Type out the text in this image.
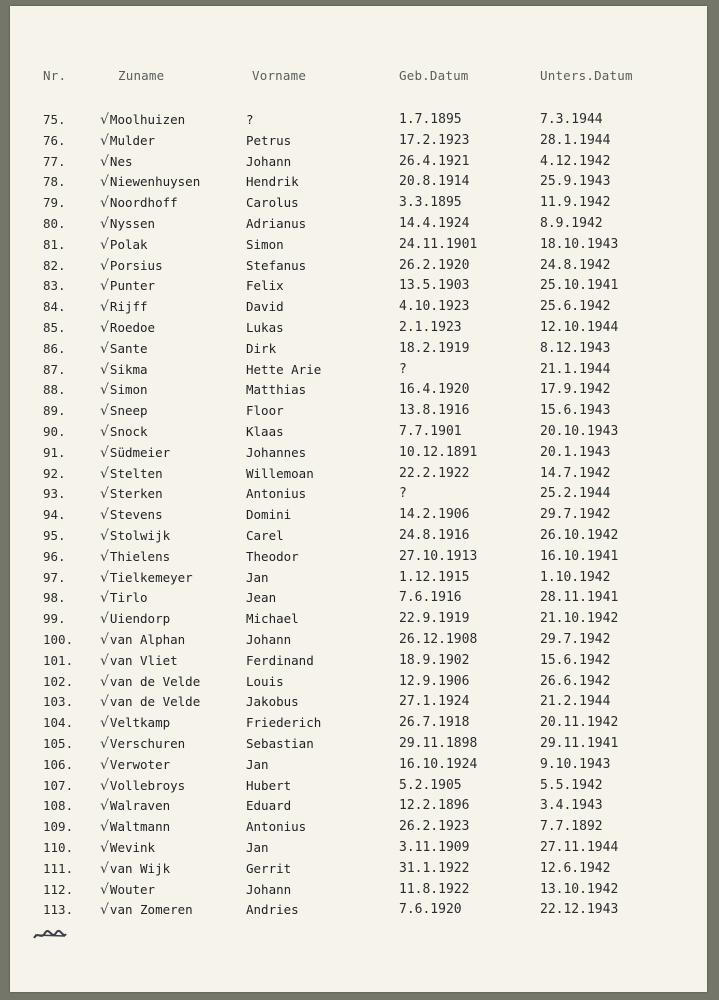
Nr.	Zuname	Vorname	Geb.Datum	Unters.Datum
75.	√Moolhuizen	?	1.7.1895	7.3.1944
76.	√Mulder	Petrus	17.2.1923	28.1.1944
77.	√Nes	Johann	26.4.1921	4.12.1942
78.	√Niewenhuysen	Hendrik	20.8.1914	25.9.1943
79.	√Noordhoff	Carolus	3.3.1895	11.9.1942
80.	√Nyssen	Adrianus	14.4.1924	8.9.1942
81.	√Polak	Simon	24.11.1901	18.10.1943
82.	√Porsius	Stefanus	26.2.1920	24.8.1942
83.	√Punter	Felix	13.5.1903	25.10.1941
84.	√Rijff	David	4.10.1923	25.6.1942
85.	√Roedoe	Lukas	2.1.1923	12.10.1944
86.	√Sante	Dirk	18.2.1919	8.12.1943
87.	√Sikma	Hette Arie	?	21.1.1944
88.	√Simon	Matthias	16.4.1920	17.9.1942
89.	√Sneep	Floor	13.8.1916	15.6.1943
90.	√Snock	Klaas	7.7.1901	20.10.1943
91.	√Südmeier	Johannes	10.12.1891	20.1.1943
92.	√Stelten	Willemoan	22.2.1922	14.7.1942
93.	√Sterken	Antonius	?	25.2.1944
94.	√Stevens	Domini	14.2.1906	29.7.1942
95.	√Stolwijk	Carel	24.8.1916	26.10.1942
96.	√Thielens	Theodor	27.10.1913	16.10.1941
97.	√Tielkemeyer	Jan	1.12.1915	1.10.1942
98.	√Tirlo	Jean	7.6.1916	28.11.1941
99.	√Uiendorp	Michael	22.9.1919	21.10.1942
100.	√van Alphan	Johann	26.12.1908	29.7.1942
101.	√van Vliet	Ferdinand	18.9.1902	15.6.1942
102.	√van de Velde	Louis	12.9.1906	26.6.1942
103.	√van de Velde	Jakobus	27.1.1924	21.2.1944
104.	√Veltkamp	Friederich	26.7.1918	20.11.1942
105.	√Verschuren	Sebastian	29.11.1898	29.11.1941
106.	√Verwoter	Jan	16.10.1924	9.10.1943
107.	√Vollebroys	Hubert	5.2.1905	5.5.1942
108.	√Walraven	Eduard	12.2.1896	3.4.1943
109.	√Waltmann	Antonius	26.2.1923	7.7.1892
110.	√Wevink	Jan	3.11.1909	27.11.1944
111.	√van Wijk	Gerrit	31.1.1922	12.6.1942
112.	√Wouter	Johann	11.8.1922	13.10.1942
113.	√van Zomeren	Andries	7.6.1920	22.12.1943
